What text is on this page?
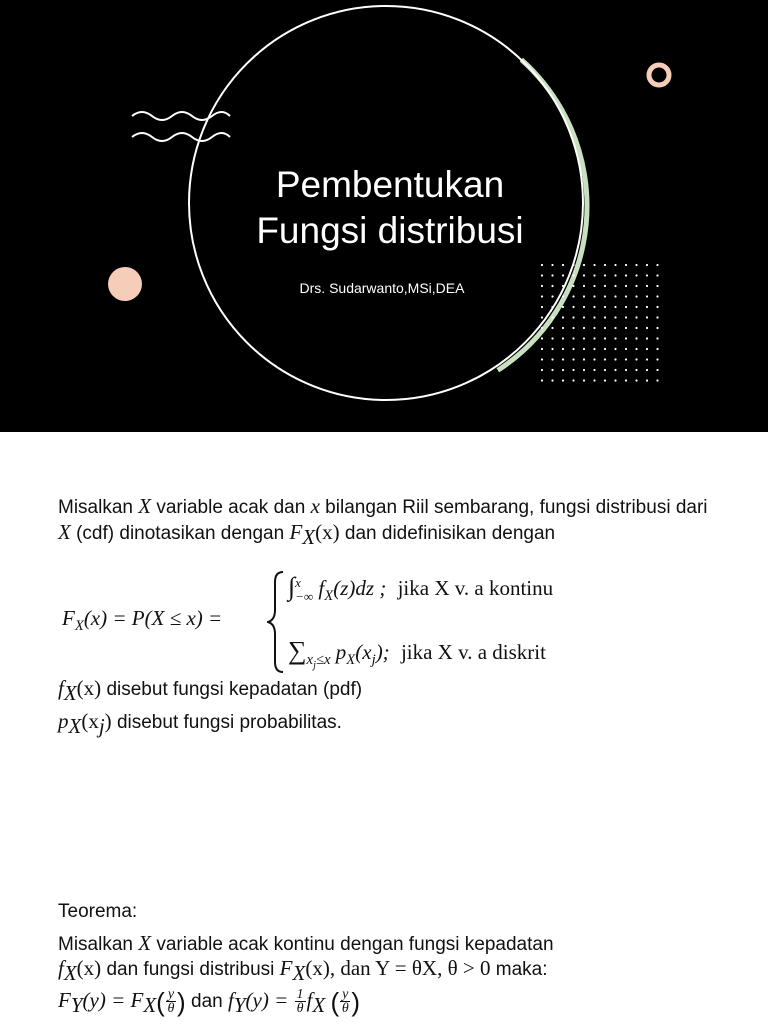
Pembentukan
Fungsi distribusi
Drs. Sudarwanto,MSi,DEA
Misalkan X variable acak dan x bilangan Riil sembarang, fungsi distribusi dari X (cdf) dinotasikan dengan $F_X(x)$ dan didefinisikan dengan
$F_X(x) = P(X \le x)$ =
∫ x
−∞ $f_X(z)dz$ ; jika X v. a kontinu
$\sum_{x_j\le x}$ $p_X(x_j)$; jika X v. a diskrit
$f_X(x)$ disebut fungsi kepadatan (pdf)
$p_X(x_j)$ disebut fungsi probabilitas.
Teorema:
Misalkan X variable acak kontinu dengan fungsi kepadatan
$f_X(x)$ dan fungsi distribusi $F_X(x)$, dan Y = θX, θ > 0 maka:
$F_Y(y) = F_X( \frac{y}{\theta}$ ) dan $f_Y(y) = \frac{1}{\theta} f_X$ ( $\frac{y}{\theta}$ )
